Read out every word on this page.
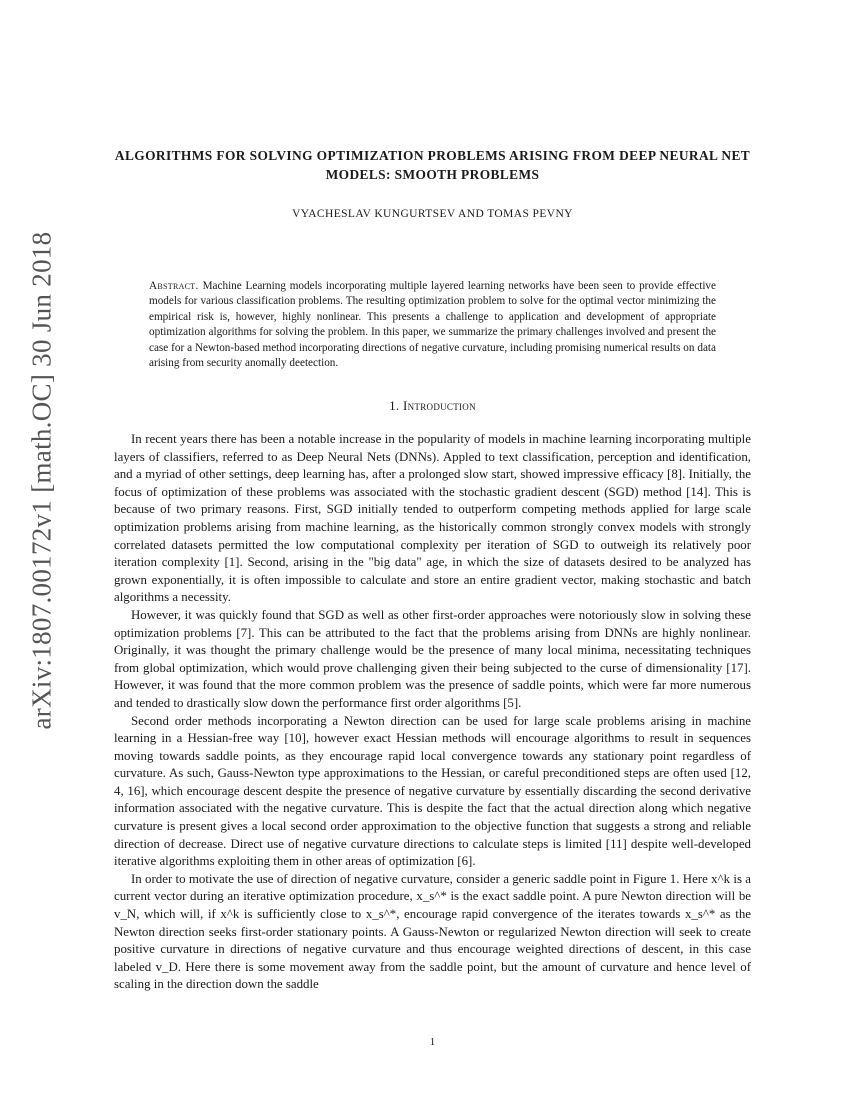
arXiv:1807.00172v1 [math.OC] 30 Jun 2018
ALGORITHMS FOR SOLVING OPTIMIZATION PROBLEMS ARISING FROM DEEP NEURAL NET MODELS: SMOOTH PROBLEMS
VYACHESLAV KUNGURTSEV AND TOMAS PEVNY
Abstract. Machine Learning models incorporating multiple layered learning networks have been seen to provide effective models for various classification problems. The resulting optimization problem to solve for the optimal vector minimizing the empirical risk is, however, highly nonlinear. This presents a challenge to application and development of appropriate optimization algorithms for solving the problem. In this paper, we summarize the primary challenges involved and present the case for a Newton-based method incorporating directions of negative curvature, including promising numerical results on data arising from security anomally deetection.
1. Introduction

In recent years there has been a notable increase in the popularity of models in machine learning incorporating multiple layers of classifiers, referred to as Deep Neural Nets (DNNs). Appled to text classification, perception and identification, and a myriad of other settings, deep learning has, after a prolonged slow start, showed impressive efficacy [8]. Initially, the focus of optimization of these problems was associated with the stochastic gradient descent (SGD) method [14]. This is because of two primary reasons. First, SGD initially tended to outperform competing methods applied for large scale optimization problems arising from machine learning, as the historically common strongly convex models with strongly correlated datasets permitted the low computational complexity per iteration of SGD to outweigh its relatively poor iteration complexity [1]. Second, arising in the "big data" age, in which the size of datasets desired to be analyzed has grown exponentially, it is often impossible to calculate and store an entire gradient vector, making stochastic and batch algorithms a necessity.

However, it was quickly found that SGD as well as other first-order approaches were notoriously slow in solving these optimization problems [7]. This can be attributed to the fact that the problems arising from DNNs are highly nonlinear. Originally, it was thought the primary challenge would be the presence of many local minima, necessitating techniques from global optimization, which would prove challenging given their being subjected to the curse of dimensionality [17]. However, it was found that the more common problem was the presence of saddle points, which were far more numerous and tended to drastically slow down the performance first order algorithms [5].

Second order methods incorporating a Newton direction can be used for large scale problems arising in machine learning in a Hessian-free way [10], however exact Hessian methods will encourage algorithms to result in sequences moving towards saddle points, as they encourage rapid local convergence towards any stationary point regardless of curvature. As such, Gauss-Newton type approximations to the Hessian, or careful preconditioned steps are often used [12, 4, 16], which encourage descent despite the presence of negative curvature by essentially discarding the second derivative information associated with the negative curvature. This is despite the fact that the actual direction along which negative curvature is present gives a local second order approximation to the objective function that suggests a strong and reliable direction of decrease. Direct use of negative curvature directions to calculate steps is limited [11] despite well-developed iterative algorithms exploiting them in other areas of optimization [6].

In order to motivate the use of direction of negative curvature, consider a generic saddle point in Figure 1. Here x^k is a current vector during an iterative optimization procedure, x_s^* is the exact saddle point. A pure Newton direction will be v_N, which will, if x^k is sufficiently close to x_s^*, encourage rapid convergence of the iterates towards x_s^* as the Newton direction seeks first-order stationary points. A Gauss-Newton or regularized Newton direction will seek to create positive curvature in directions of negative curvature and thus encourage weighted directions of descent, in this case labeled v_D. Here there is some movement away from the saddle point, but the amount of curvature and hence level of scaling in the direction down the saddle

1
